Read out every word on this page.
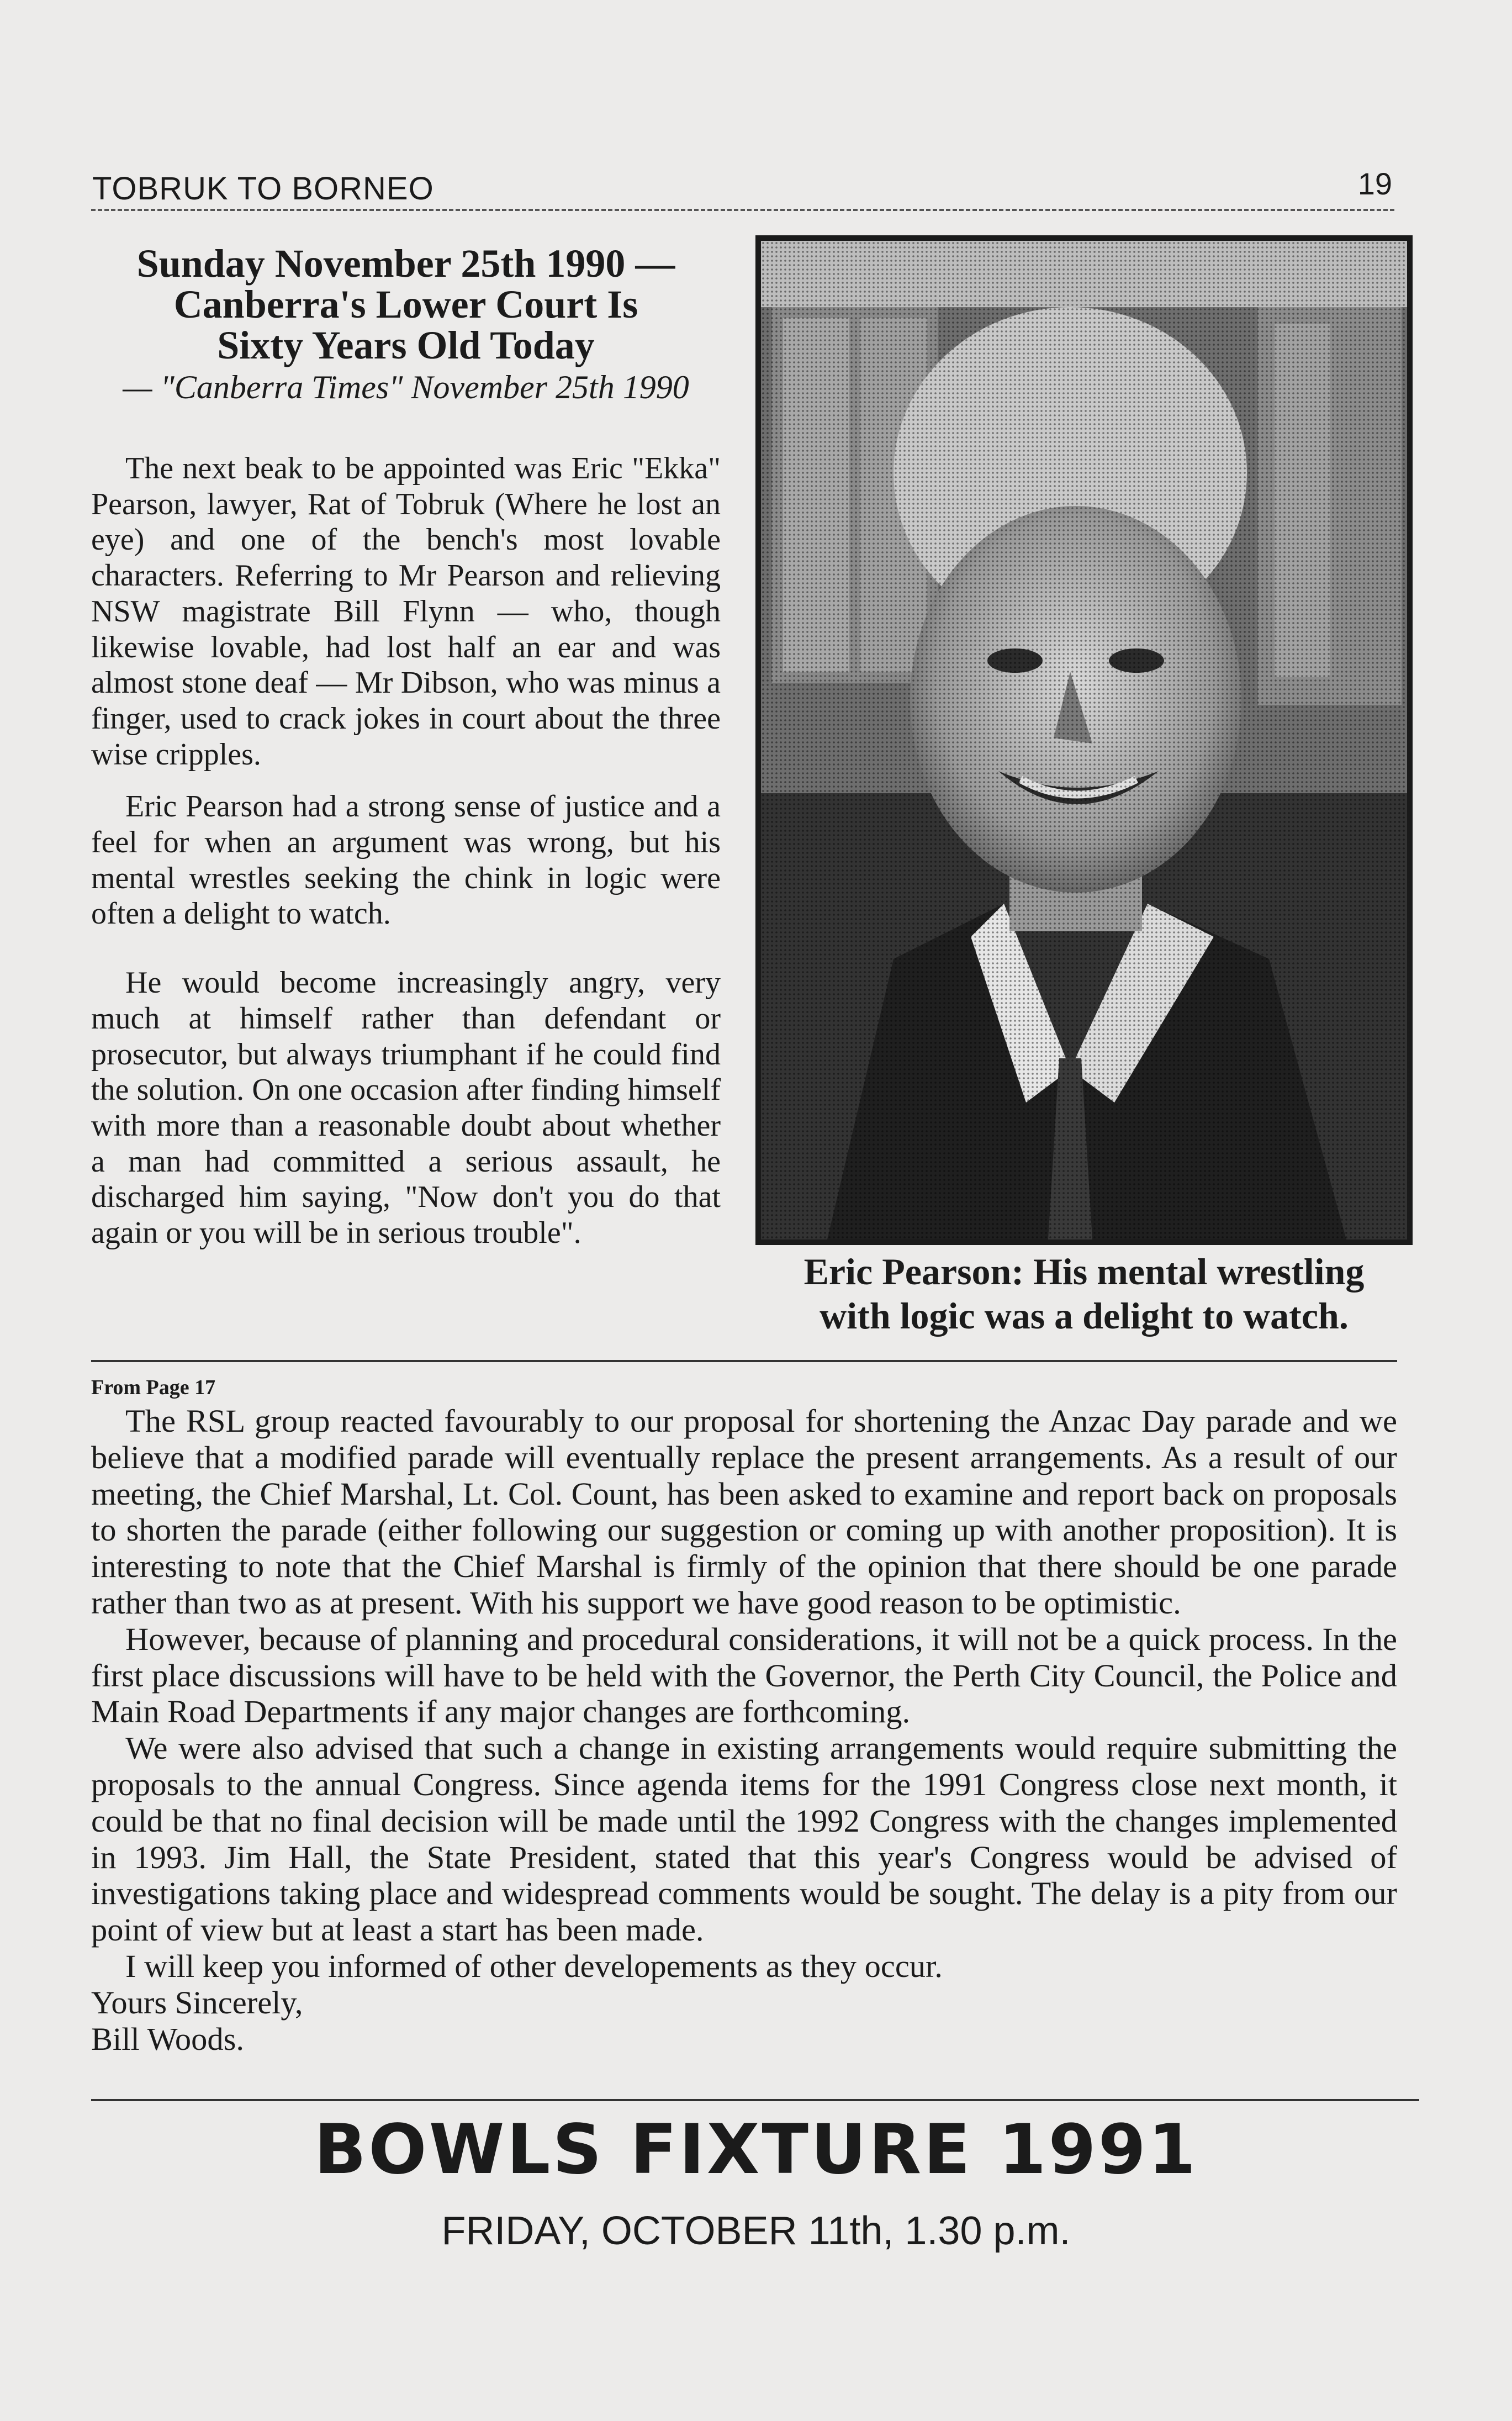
TOBRUK TO BORNEO	19
Sunday November 25th 1990 —
Canberra's Lower Court Is
Sixty Years Old Today
— "Canberra Times" November 25th 1990

The next beak to be appointed was Eric "Ekka" Pearson, lawyer, Rat of Tobruk (Where he lost an eye) and one of the bench's most lovable characters. Referring to Mr Pearson and relieving NSW magistrate Bill Flynn — who, though likewise lovable, had lost half an ear and was almost stone deaf — Mr Dibson, who was minus a finger, used to crack jokes in court about the three wise cripples.

Eric Pearson had a strong sense of justice and a feel for when an argument was wrong, but his mental wrestles seeking the chink in logic were often a delight to watch.

He would become increasingly angry, very much at himself rather than defendant or prosecutor, but always triumphant if he could find the solution. On one occasion after finding himself with more than a reasonable doubt about whether a man had committed a serious assault, he discharged him saying, "Now don't you do that again or you will be in serious trouble".

Eric Pearson: His mental wrestling
with logic was a delight to watch.
From Page 17

The RSL group reacted favourably to our proposal for shortening the Anzac Day parade and we believe that a modified parade will eventually replace the present arrangements. As a result of our meeting, the Chief Marshal, Lt. Col. Count, has been asked to examine and report back on proposals to shorten the parade (either following our suggestion or coming up with another proposition). It is interesting to note that the Chief Marshal is firmly of the opinion that there should be one parade rather than two as at present. With his support we have good reason to be optimistic.

However, because of planning and procedural considerations, it will not be a quick process. In the first place discussions will have to be held with the Governor, the Perth City Council, the Police and Main Road Departments if any major changes are forthcoming.

We were also advised that such a change in existing arrangements would require submitting the proposals to the annual Congress. Since agenda items for the 1991 Congress close next month, it could be that no final decision will be made until the 1992 Congress with the changes implemented in 1993. Jim Hall, the State President, stated that this year's Congress would be advised of investigations taking place and widespread comments would be sought. The delay is a pity from our point of view but at least a start has been made.

I will keep you informed of other developements as they occur.

Yours Sincerely,

Bill Woods.

BOWLS FIXTURE 1991
FRIDAY, OCTOBER 11th, 1.30 p.m.
